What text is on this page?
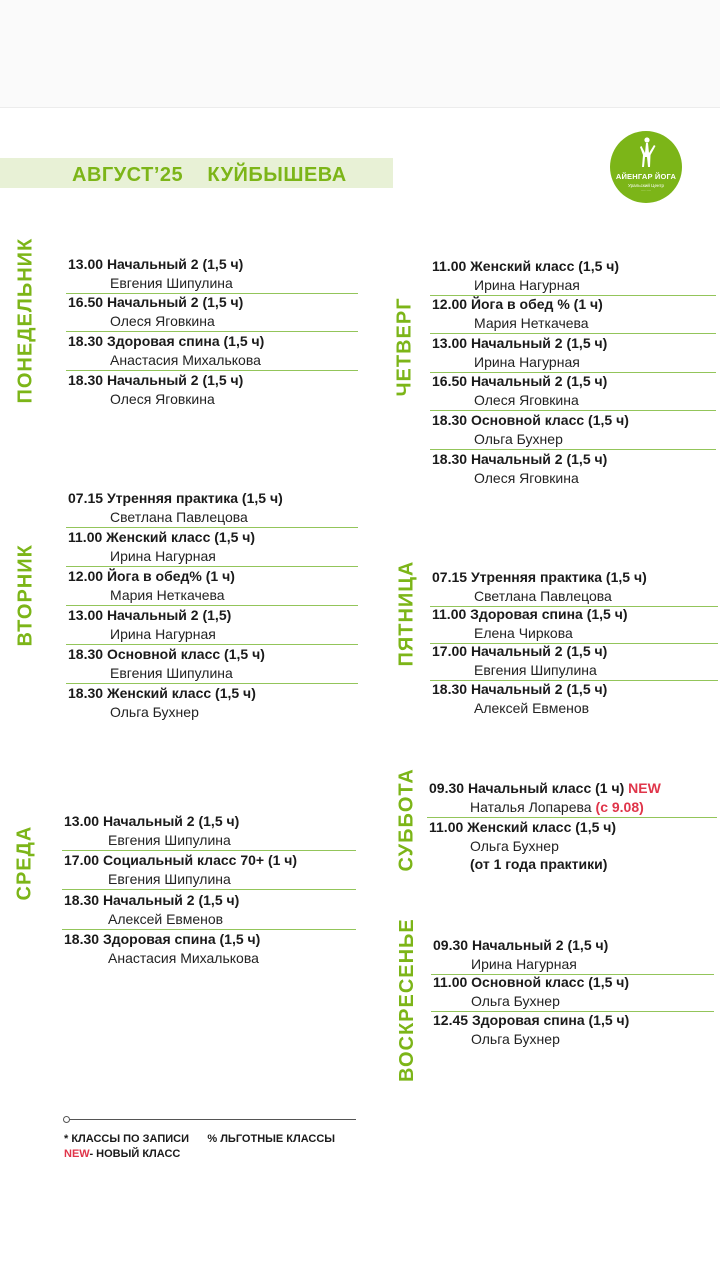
АВГУСТ’25 КУЙБЫШЕВА	АЙЕНГАР ЙОГА
Уральский Центр
·········
ПОНЕДЕЛЬНИК
ВТОРНИК
СРЕДА
ЧЕТВЕРГ
ПЯТНИЦА
СУББОТА
ВОСКРЕСЕНЬЕ
13.00 Начальный 2 (1,5 ч)
Евгения Шипулина
16.50 Начальный 2 (1,5 ч)
Олеся Яговкина
18.30 Здоровая спина (1,5 ч)
Анастасия Михалькова
18.30 Начальный 2 (1,5 ч)
Олеся Яговкина
07.15 Утренняя практика (1,5 ч)
Светлана Павлецова
11.00 Женский класс (1,5 ч)
Ирина Нагурная
12.00 Йога в обед% (1 ч)
Мария Неткачева
13.00 Начальный 2 (1,5)
Ирина Нагурная
18.30 Основной класс (1,5 ч)
Евгения Шипулина
18.30 Женский класс (1,5 ч)
Ольга Бухнер
13.00 Начальный 2 (1,5 ч)
Евгения Шипулина
17.00 Социальный класс 70+ (1 ч)
Евгения Шипулина
18.30 Начальный 2 (1,5 ч)
Алексей Евменов
18.30 Здоровая спина (1,5 ч)
Анастасия Михалькова
11.00 Женский класс (1,5 ч)
Ирина Нагурная
12.00 Йога в обед % (1 ч)
Мария Неткачева
13.00 Начальный 2 (1,5 ч)
Ирина Нагурная
16.50 Начальный 2 (1,5 ч)
Олеся Яговкина
18.30 Основной класс (1,5 ч)
Ольга Бухнер
18.30 Начальный 2 (1,5 ч)
Олеся Яговкина
07.15 Утренняя практика (1,5 ч)
Светлана Павлецова
11.00 Здоровая спина (1,5 ч)
Елена Чиркова
17.00 Начальный 2 (1,5 ч)
Евгения Шипулина
18.30 Начальный 2 (1,5 ч)
Алексей Евменов
09.30 Начальный класс (1 ч) NEW
Наталья Лопарева (с 9.08)
11.00 Женский класс (1,5 ч)
Ольга Бухнер
(от 1 года практики)
09.30 Начальный 2 (1,5 ч)
Ирина Нагурная
11.00 Основной класс (1,5 ч)
Ольга Бухнер
12.45 Здоровая спина (1,5 ч)
Ольга Бухнер
* КЛАССЫ ПО ЗАПИСИ % ЛЬГОТНЫЕ КЛАССЫ
NEW- НОВЫЙ КЛАСС
